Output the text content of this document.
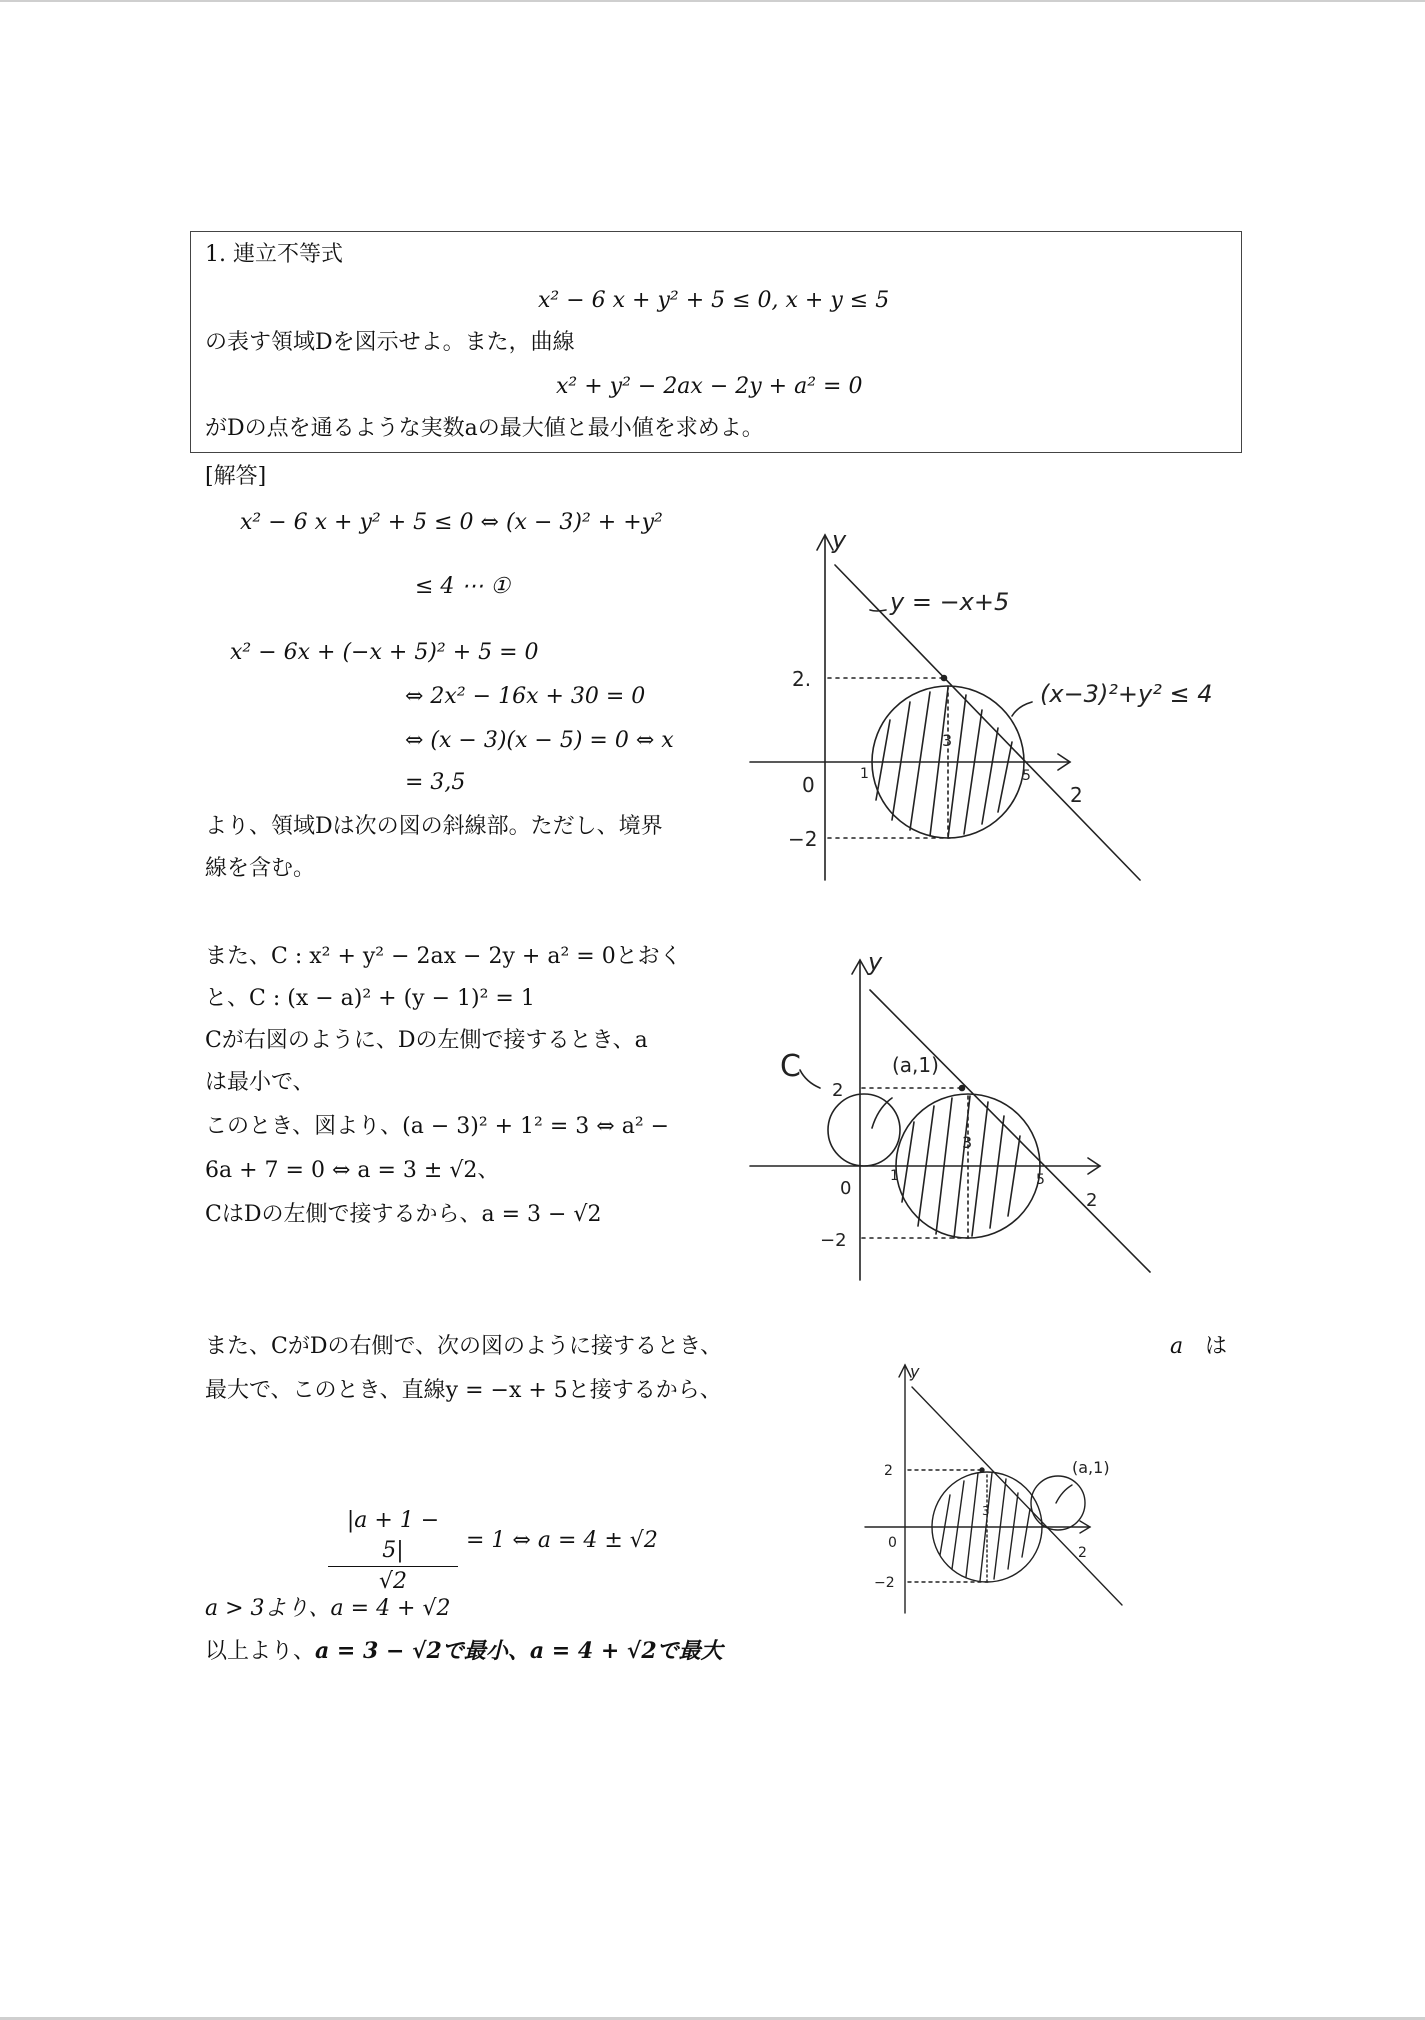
1. 連立不等式
x² − 6 x + y² + 5 ≤ 0, x + y ≤ 5
の表す領域Dを図示せよ。また，曲線
x² + y² − 2ax − 2y + a² = 0
がDの点を通るような実数aの最大値と最小値を求めよ。
[解答]
x² − 6 x + y² + 5 ≤ 0 ⇔ (x − 3)² + +y²
≤ 4 ⋯ ①
x² − 6x + (−x + 5)² + 5 = 0
⇔ 2x² − 16x + 30 = 0
⇔ (x − 3)(x − 5) = 0 ⇔ x
= 3,5
より、領域Dは次の図の斜線部。ただし、境界
線を含む。
また、C : x² + y² − 2ax − 2y + a² = 0とおく
と、C : (x − a)² + (y − 1)² = 1
Cが右図のように、Dの左側で接するとき、a
は最小で、
このとき、図より、(a − 3)² + 1² = 3 ⇔ a² −
6a + 7 = 0 ⇔ a = 3 ± √2、
CはDの左側で接するから、a = 3 − √2
また、CがDの右側で、次の図のように接するとき、	a は
最大で、このとき、直線y = −x + 5と接するから、
$\frac{|a + 1 - 5|}{√2} = 1$ ⇔ a = 4 ± √2
a > 3より、a = 4 + √2
以上より、a = 3 − √2で最小、a = 4 + √2で最大
y
y = −x+5
(x−3)²+y² ≤ 4
2.
0
−2
1
3
5
2
y
C	(a,1)
2
0
−2
1
3
5
2
y
(a,1)
2
0
−2
3
2
